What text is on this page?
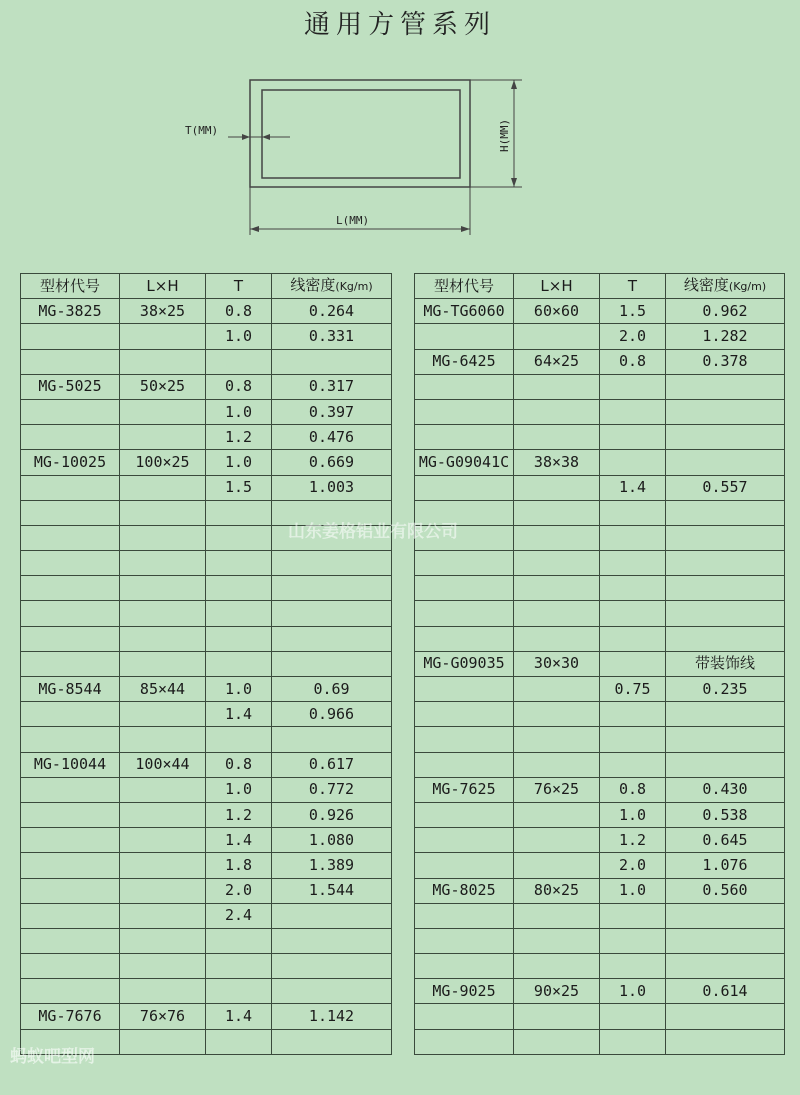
通用方管系列
T(MM)	H(MM)
L(MM)
型材代号	L×H	T	线密度(Kg/m)		型材代号	L×H	T	线密度(Kg/m)
MG-3825	38×25	0.8	0.264		MG-TG6060	60×60	1.5	0.962
		1.0	0.331				2.0	1.282
					MG-6425	64×25	0.8	0.378
MG-5025	50×25	0.8	0.317					
		1.0	0.397					
		1.2	0.476					
MG-10025	100×25	1.0	0.669		MG-G09041C	38×38		
		1.5	1.003				1.4	0.557

					MG-G09035	30×30		带装饰线
MG-8544	85×44	1.0	0.69				0.75	0.235
		1.4	0.966					

MG-10044	100×44	0.8	0.617					
		1.0	0.772		MG-7625	76×25	0.8	0.430
		1.2	0.926				1.0	0.538
		1.4	1.080				1.2	0.645
		1.8	1.389				2.0	1.076
		2.0	1.544		MG-8025	80×25	1.0	0.560
		2.4						

					MG-9025	90×25	1.0	0.614
MG-7676	76×76	1.4	1.142					

山东姜格铝业有限公司
蚂蚁吧型网
